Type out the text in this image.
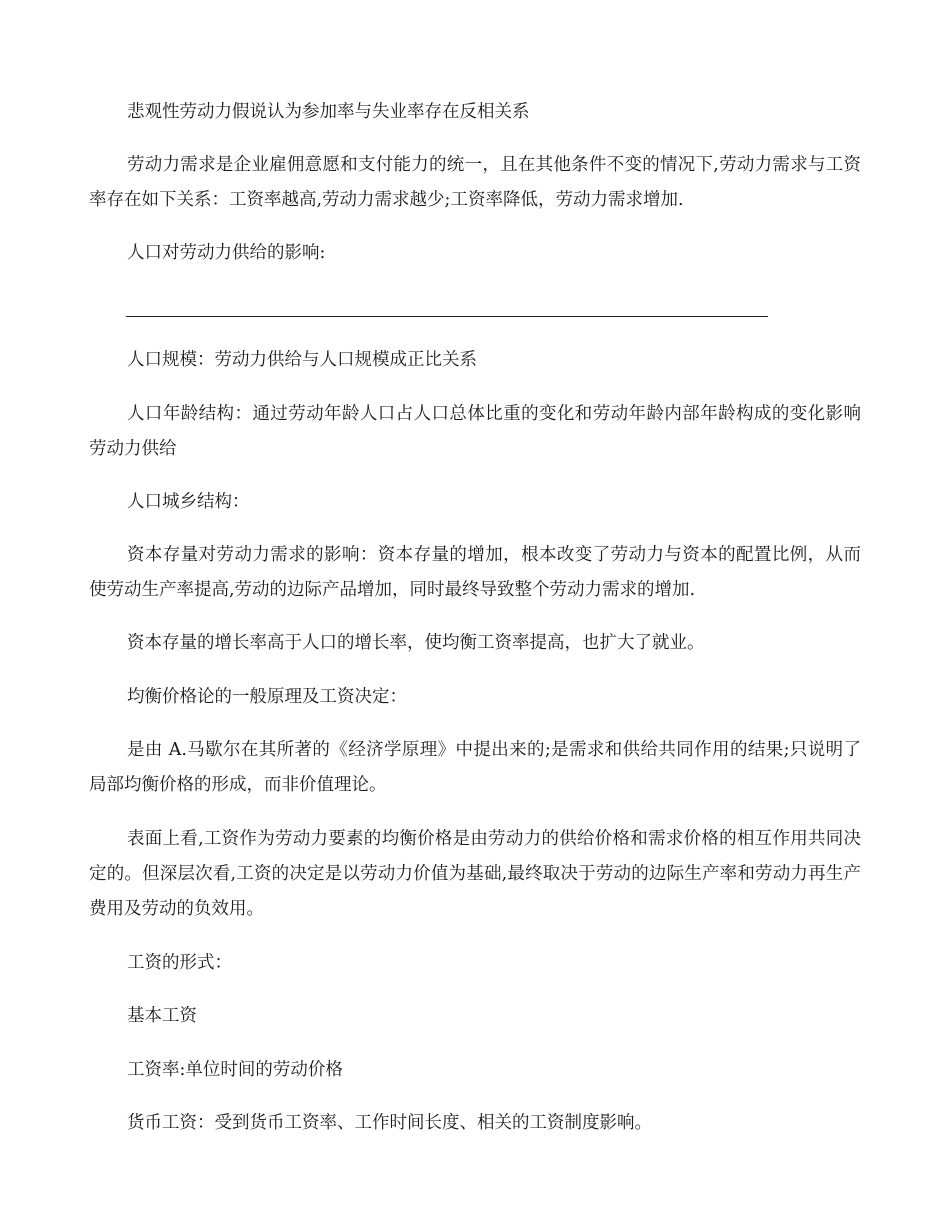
悲观性劳动力假说认为参加率与失业率存在反相关系

劳动力需求是企业雇佣意愿和支付能力的统一，且在其他条件不变的情况下,劳动力需求与工资率存在如下关系：工资率越高,劳动力需求越少;工资率降低，劳动力需求增加.

人口对劳动力供给的影响:

人口规模：劳动力供给与人口规模成正比关系

人口年龄结构：通过劳动年龄人口占人口总体比重的变化和劳动年龄内部年龄构成的变化影响劳动力供给

人口城乡结构：

资本存量对劳动力需求的影响：资本存量的增加，根本改变了劳动力与资本的配置比例，从而使劳动生产率提高,劳动的边际产品增加，同时最终导致整个劳动力需求的增加.

资本存量的增长率高于人口的增长率，使均衡工资率提高，也扩大了就业。

均衡价格论的一般原理及工资决定：

是由 A.马歇尔在其所著的《经济学原理》中提出来的;是需求和供给共同作用的结果;只说明了局部均衡价格的形成，而非价值理论。

表面上看,工资作为劳动力要素的均衡价格是由劳动力的供给价格和需求价格的相互作用共同决定的。但深层次看,工资的决定是以劳动力价值为基础,最终取决于劳动的边际生产率和劳动力再生产费用及劳动的负效用。

工资的形式：

基本工资

工资率:单位时间的劳动价格

货币工资：受到货币工资率、工作时间长度、相关的工资制度影响。
